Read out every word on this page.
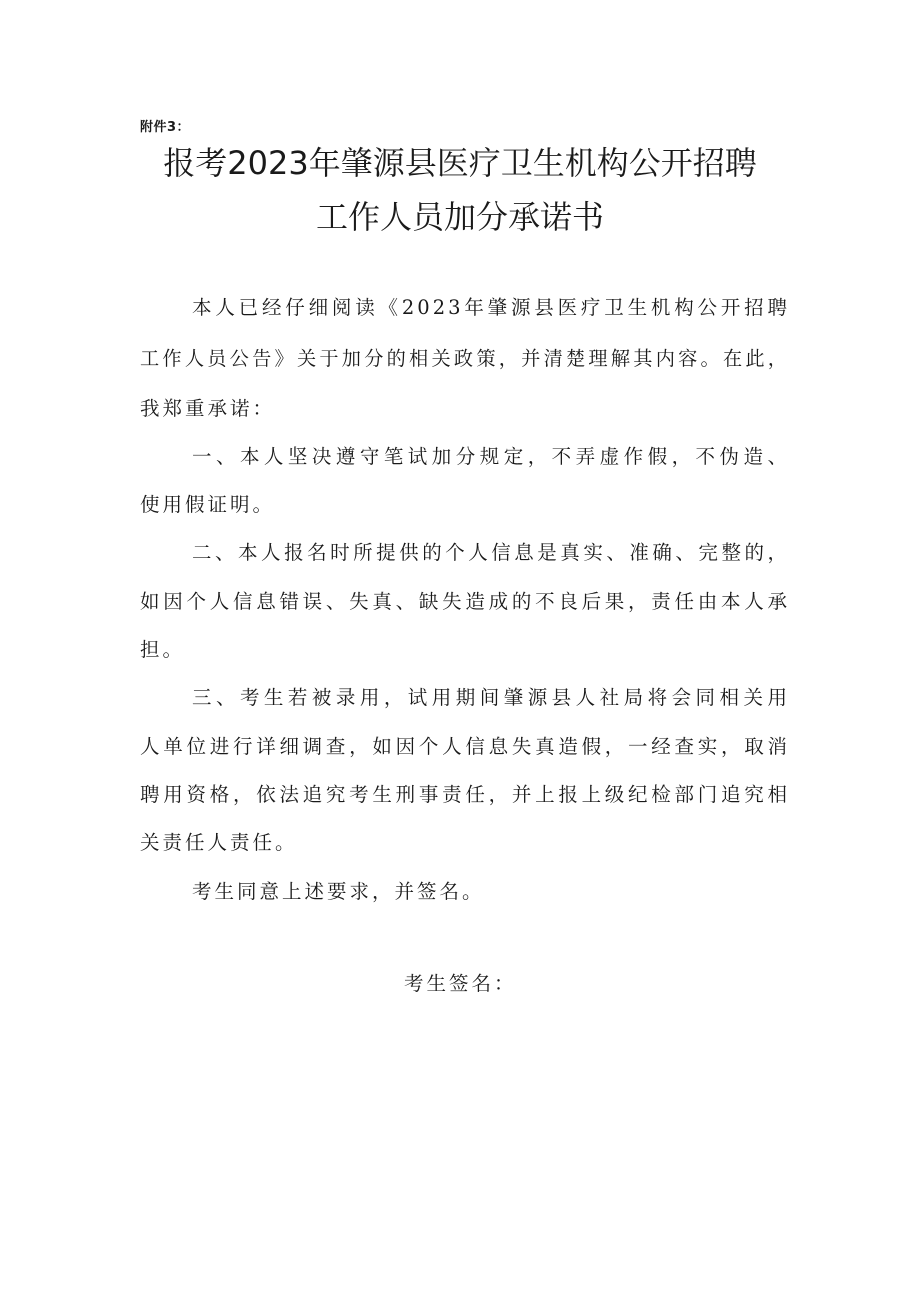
附件3：
报考2023年肇源县医疗卫生机构公开招聘
工作人员加分承诺书
本人已经仔细阅读《2023年肇源县医疗卫生机构公开招聘
工作人员公告》关于加分的相关政策，并清楚理解其内容。在此，
我郑重承诺：
一、本人坚决遵守笔试加分规定，不弄虚作假，不伪造、
使用假证明。
二、本人报名时所提供的个人信息是真实、准确、完整的，
如因个人信息错误、失真、缺失造成的不良后果，责任由本人承
担。
三、考生若被录用，试用期间肇源县人社局将会同相关用
人单位进行详细调查，如因个人信息失真造假，一经查实，取消
聘用资格，依法追究考生刑事责任，并上报上级纪检部门追究相
关责任人责任。
考生同意上述要求，并签名。
考生签名：
